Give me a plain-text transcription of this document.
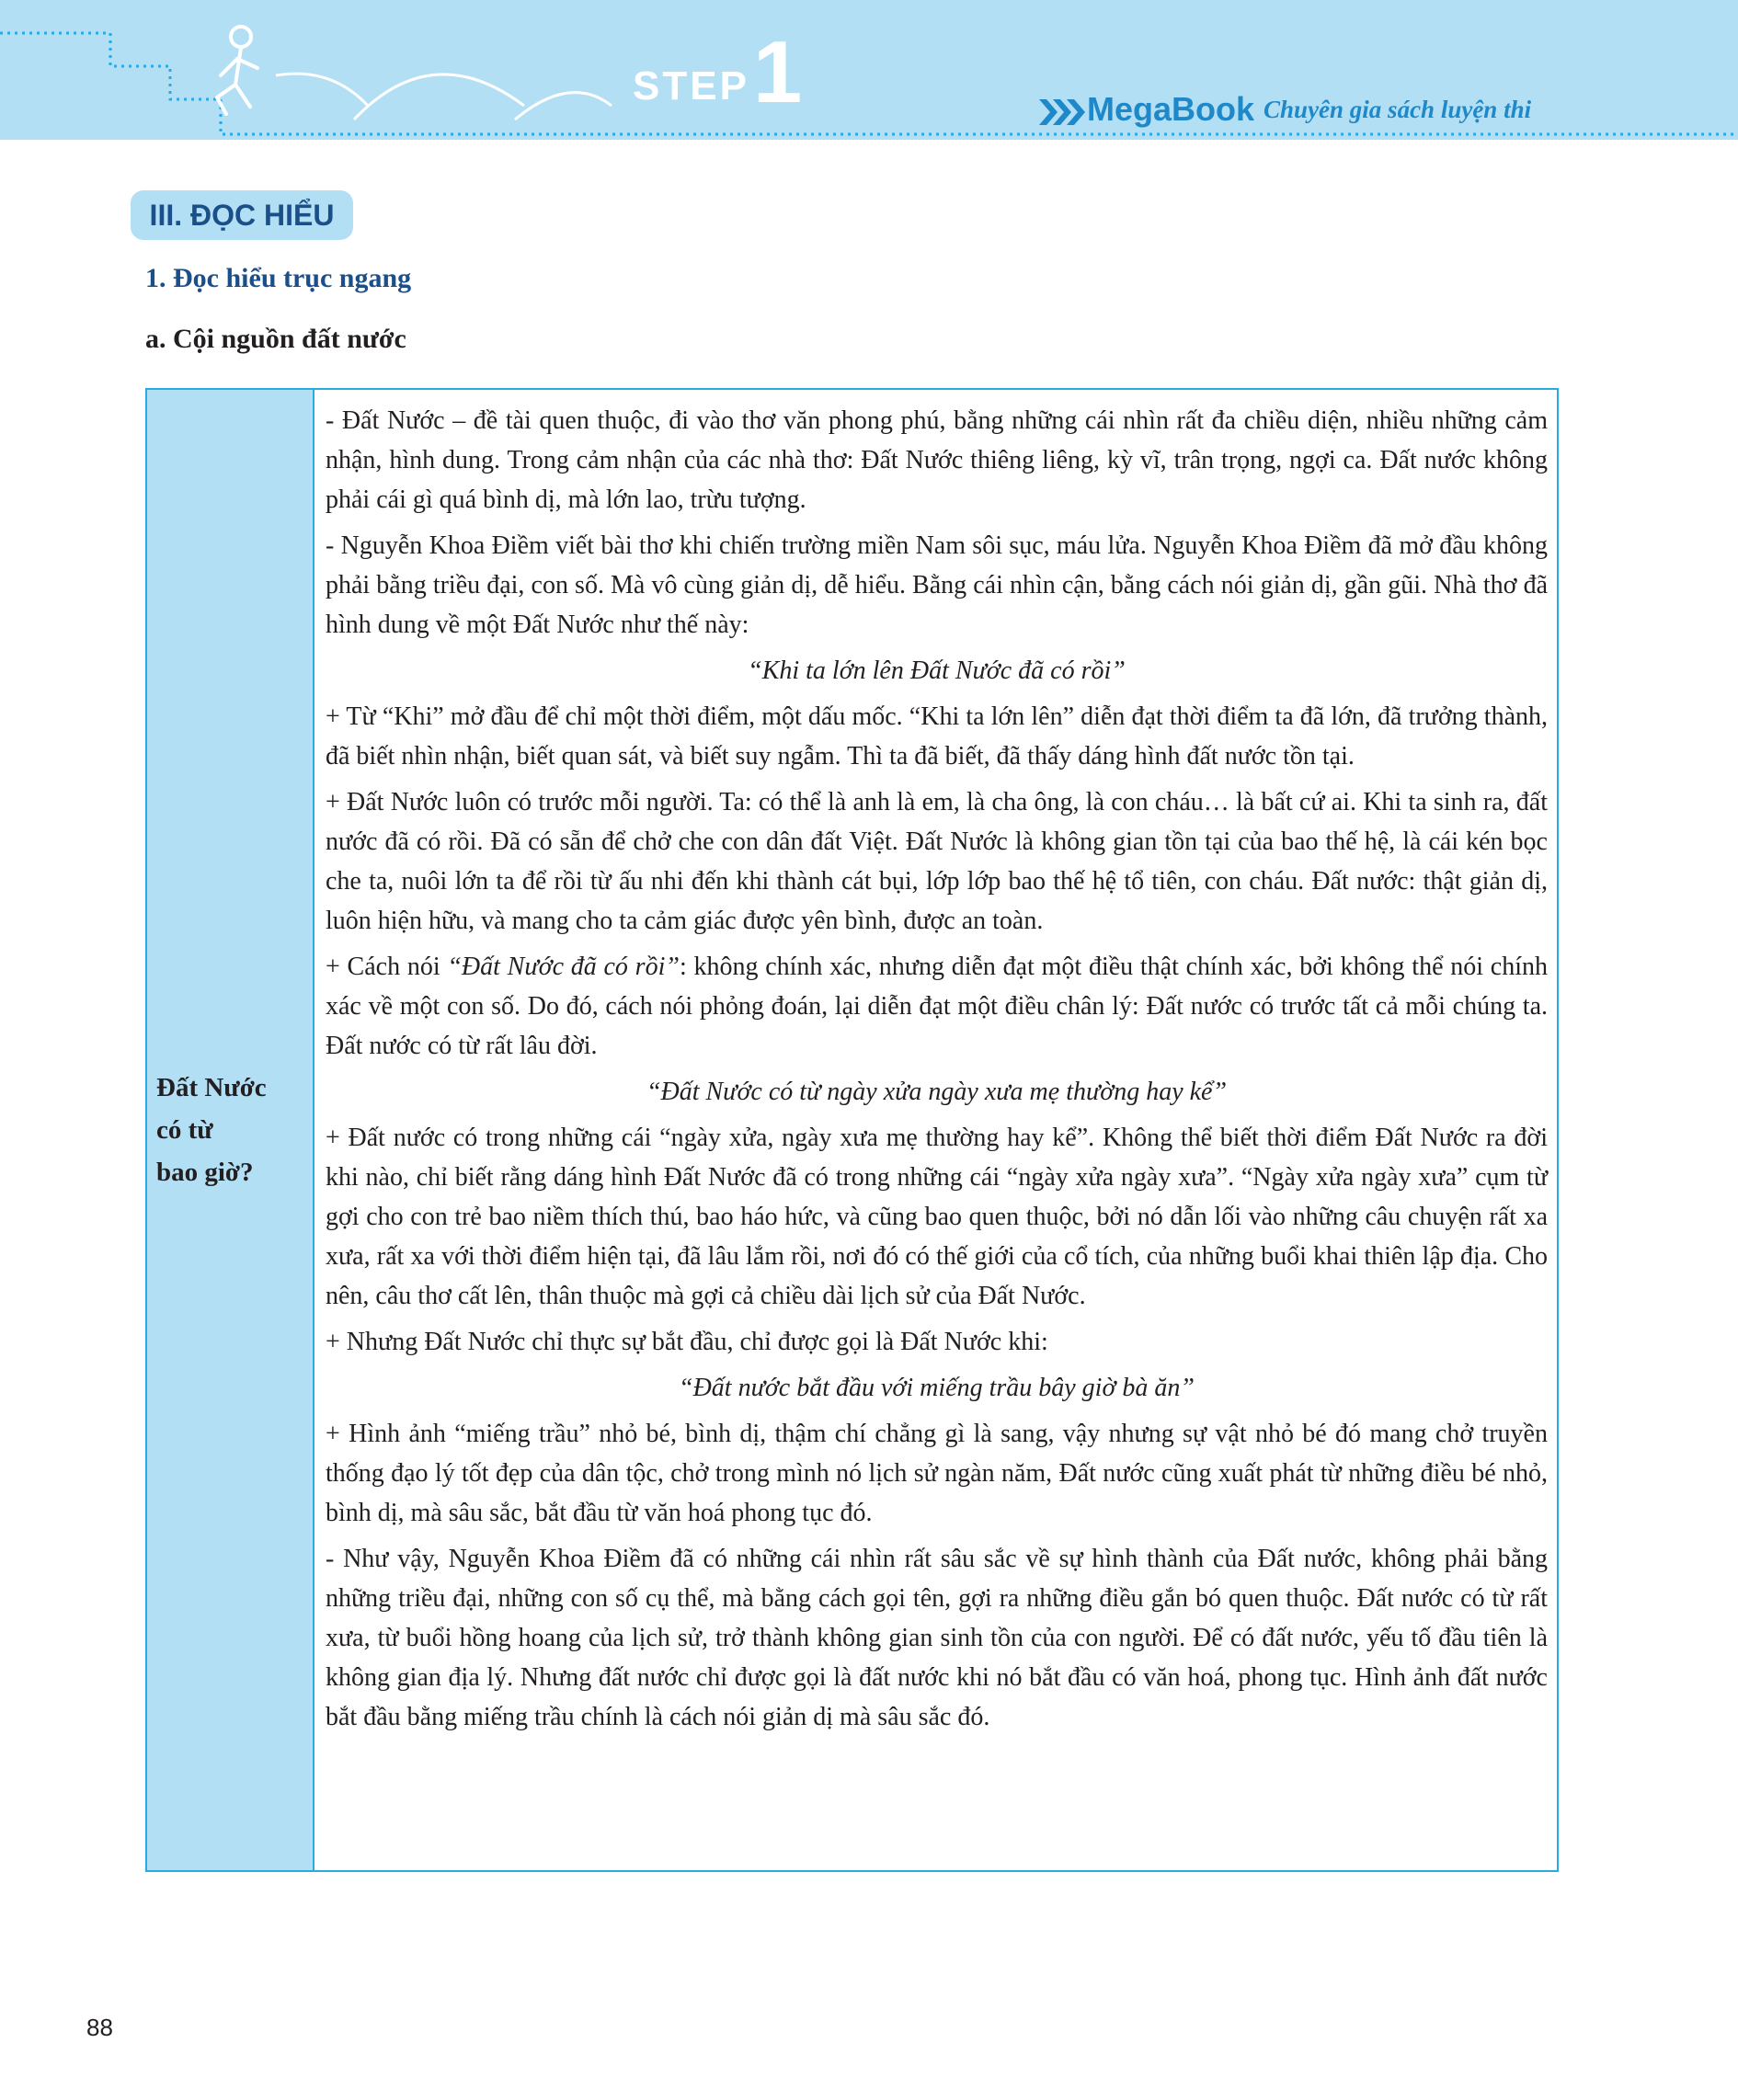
STEP 1	MegaBook Chuyên gia sách luyện thi
III. ĐỌC HIỂU
1. Đọc hiểu trục ngang
a. Cội nguồn đất nước
Đất Nước
có từ
bao giờ?

- Đất Nước – đề tài quen thuộc, đi vào thơ văn phong phú, bằng những cái nhìn rất đa chiều diện, nhiều những cảm nhận, hình dung. Trong cảm nhận của các nhà thơ: Đất Nước thiêng liêng, kỳ vĩ, trân trọng, ngợi ca. Đất nước không phải cái gì quá bình dị, mà lớn lao, trừu tượng.

- Nguyễn Khoa Điềm viết bài thơ khi chiến trường miền Nam sôi sục, máu lửa. Nguyễn Khoa Điềm đã mở đầu không phải bằng triều đại, con số. Mà vô cùng giản dị, dễ hiểu. Bằng cái nhìn cận, bằng cách nói giản dị, gần gũi. Nhà thơ đã hình dung về một Đất Nước như thế này:

“Khi ta lớn lên Đất Nước đã có rồi”

+ Từ “Khi” mở đầu để chỉ một thời điểm, một dấu mốc. “Khi ta lớn lên” diễn đạt thời điểm ta đã lớn, đã trưởng thành, đã biết nhìn nhận, biết quan sát, và biết suy ngẫm. Thì ta đã biết, đã thấy dáng hình đất nước tồn tại.

+ Đất Nước luôn có trước mỗi người. Ta: có thể là anh là em, là cha ông, là con cháu… là bất cứ ai. Khi ta sinh ra, đất nước đã có rồi. Đã có sẵn để chở che con dân đất Việt. Đất Nước là không gian tồn tại của bao thế hệ, là cái kén bọc che ta, nuôi lớn ta để rồi từ ấu nhi đến khi thành cát bụi, lớp lớp bao thế hệ tổ tiên, con cháu. Đất nước: thật giản dị, luôn hiện hữu, và mang cho ta cảm giác được yên bình, được an toàn.

+ Cách nói “Đất Nước đã có rồi”: không chính xác, nhưng diễn đạt một điều thật chính xác, bởi không thể nói chính xác về một con số. Do đó, cách nói phỏng đoán, lại diễn đạt một điều chân lý: Đất nước có trước tất cả mỗi chúng ta. Đất nước có từ rất lâu đời.

“Đất Nước có từ ngày xửa ngày xưa mẹ thường hay kể”

+ Đất nước có trong những cái “ngày xửa, ngày xưa mẹ thường hay kể”. Không thể biết thời điểm Đất Nước ra đời khi nào, chỉ biết rằng dáng hình Đất Nước đã có trong những cái “ngày xửa ngày xưa”. “Ngày xửa ngày xưa” cụm từ gợi cho con trẻ bao niềm thích thú, bao háo hức, và cũng bao quen thuộc, bởi nó dẫn lối vào những câu chuyện rất xa xưa, rất xa với thời điểm hiện tại, đã lâu lắm rồi, nơi đó có thế giới của cổ tích, của những buổi khai thiên lập địa. Cho nên, câu thơ cất lên, thân thuộc mà gợi cả chiều dài lịch sử của Đất Nước.

+ Nhưng Đất Nước chỉ thực sự bắt đầu, chỉ được gọi là Đất Nước khi:

“Đất nước bắt đầu với miếng trầu bây giờ bà ăn”

+ Hình ảnh “miếng trầu” nhỏ bé, bình dị, thậm chí chẳng gì là sang, vậy nhưng sự vật nhỏ bé đó mang chở truyền thống đạo lý tốt đẹp của dân tộc, chở trong mình nó lịch sử ngàn năm, Đất nước cũng xuất phát từ những điều bé nhỏ, bình dị, mà sâu sắc, bắt đầu từ văn hoá phong tục đó.

- Như vậy, Nguyễn Khoa Điềm đã có những cái nhìn rất sâu sắc về sự hình thành của Đất nước, không phải bằng những triều đại, những con số cụ thể, mà bằng cách gọi tên, gợi ra những điều gắn bó quen thuộc. Đất nước có từ rất xưa, từ buổi hồng hoang của lịch sử, trở thành không gian sinh tồn của con người. Để có đất nước, yếu tố đầu tiên là không gian địa lý. Nhưng đất nước chỉ được gọi là đất nước khi nó bắt đầu có văn hoá, phong tục. Hình ảnh đất nước bắt đầu bằng miếng trầu chính là cách nói giản dị mà sâu sắc đó.

88
